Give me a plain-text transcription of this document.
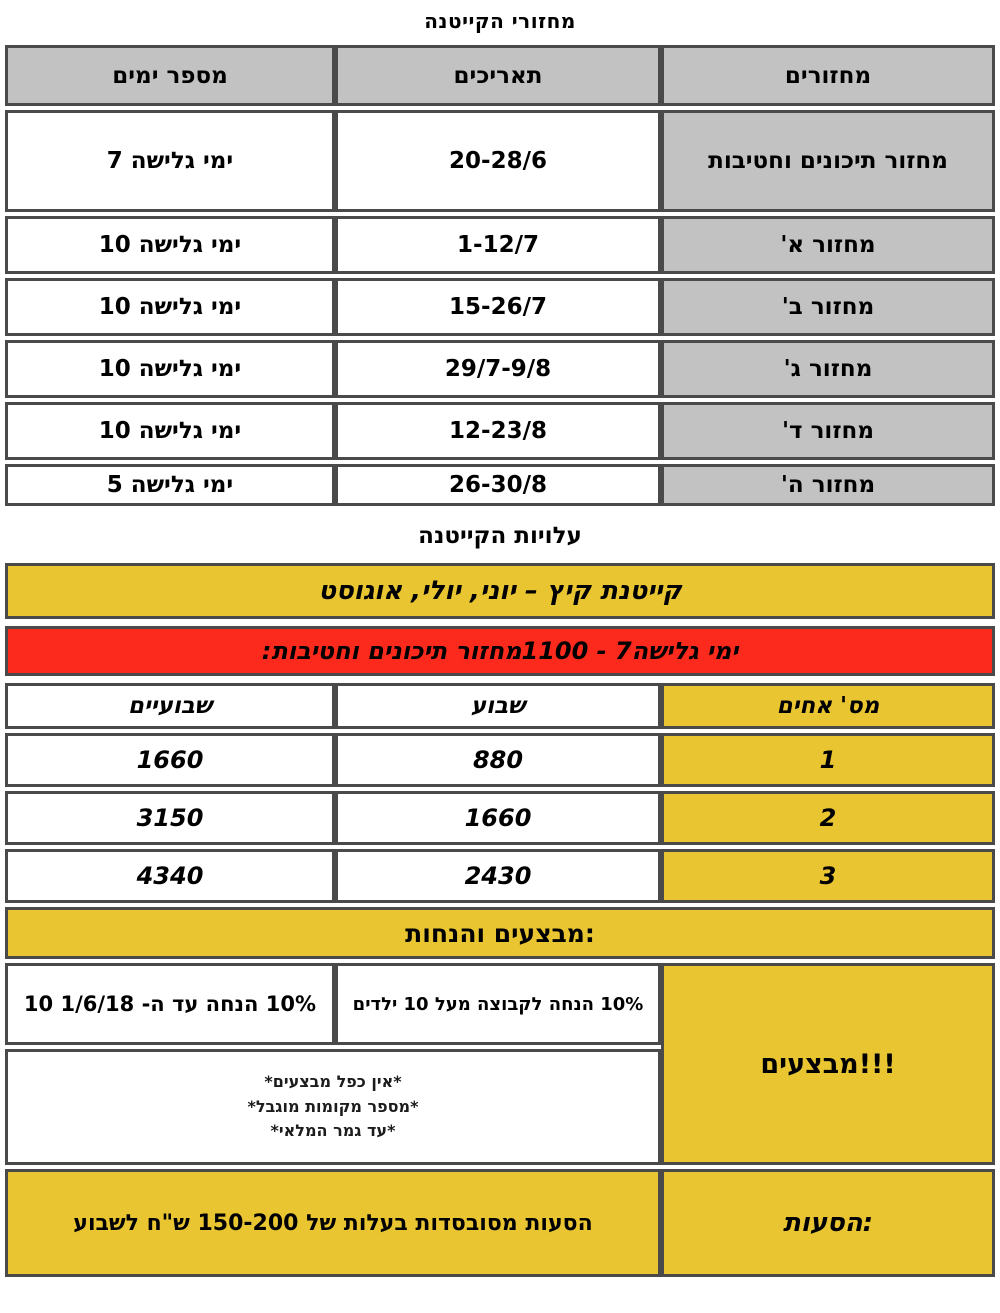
מחזורי הקייטנה
מחזורים	תאריכים	מספר ימים
מחזור תיכונים וחטיבות	20-28/6	ימי גלישה 7
מחזור א'	1-12/7	ימי גלישה 10
מחזור ב'	15-26/7	ימי גלישה 10
מחזור ג'	29/7-9/8	ימי גלישה 10
מחזור ד'	12-23/8	ימי גלישה 10
מחזור ה'	26-30/8	ימי גלישה 5
עלויות הקייטנה
קייטנת קיץ – יוני, יולי, אוגוסט
ימי גלישה7 - 1100מחזור תיכונים וחטיבות:
מס' אחים	שבוע	שבועיים
1	880	1660
2	1660	3150
3	2430	4340
מבצעים והנחות:
מבצעים!!!	10% הנחה לקבוצה מעל 10 ילדים	10% הנחה עד ה- 1/6/18 10

	*אין כפל מבצעים*
*מספר מקומות מוגבל*
*עד גמר המלאי*	

הסעות:	הסעות מסובסדות בעלות של 150-200 ש"ח לשבוע	
